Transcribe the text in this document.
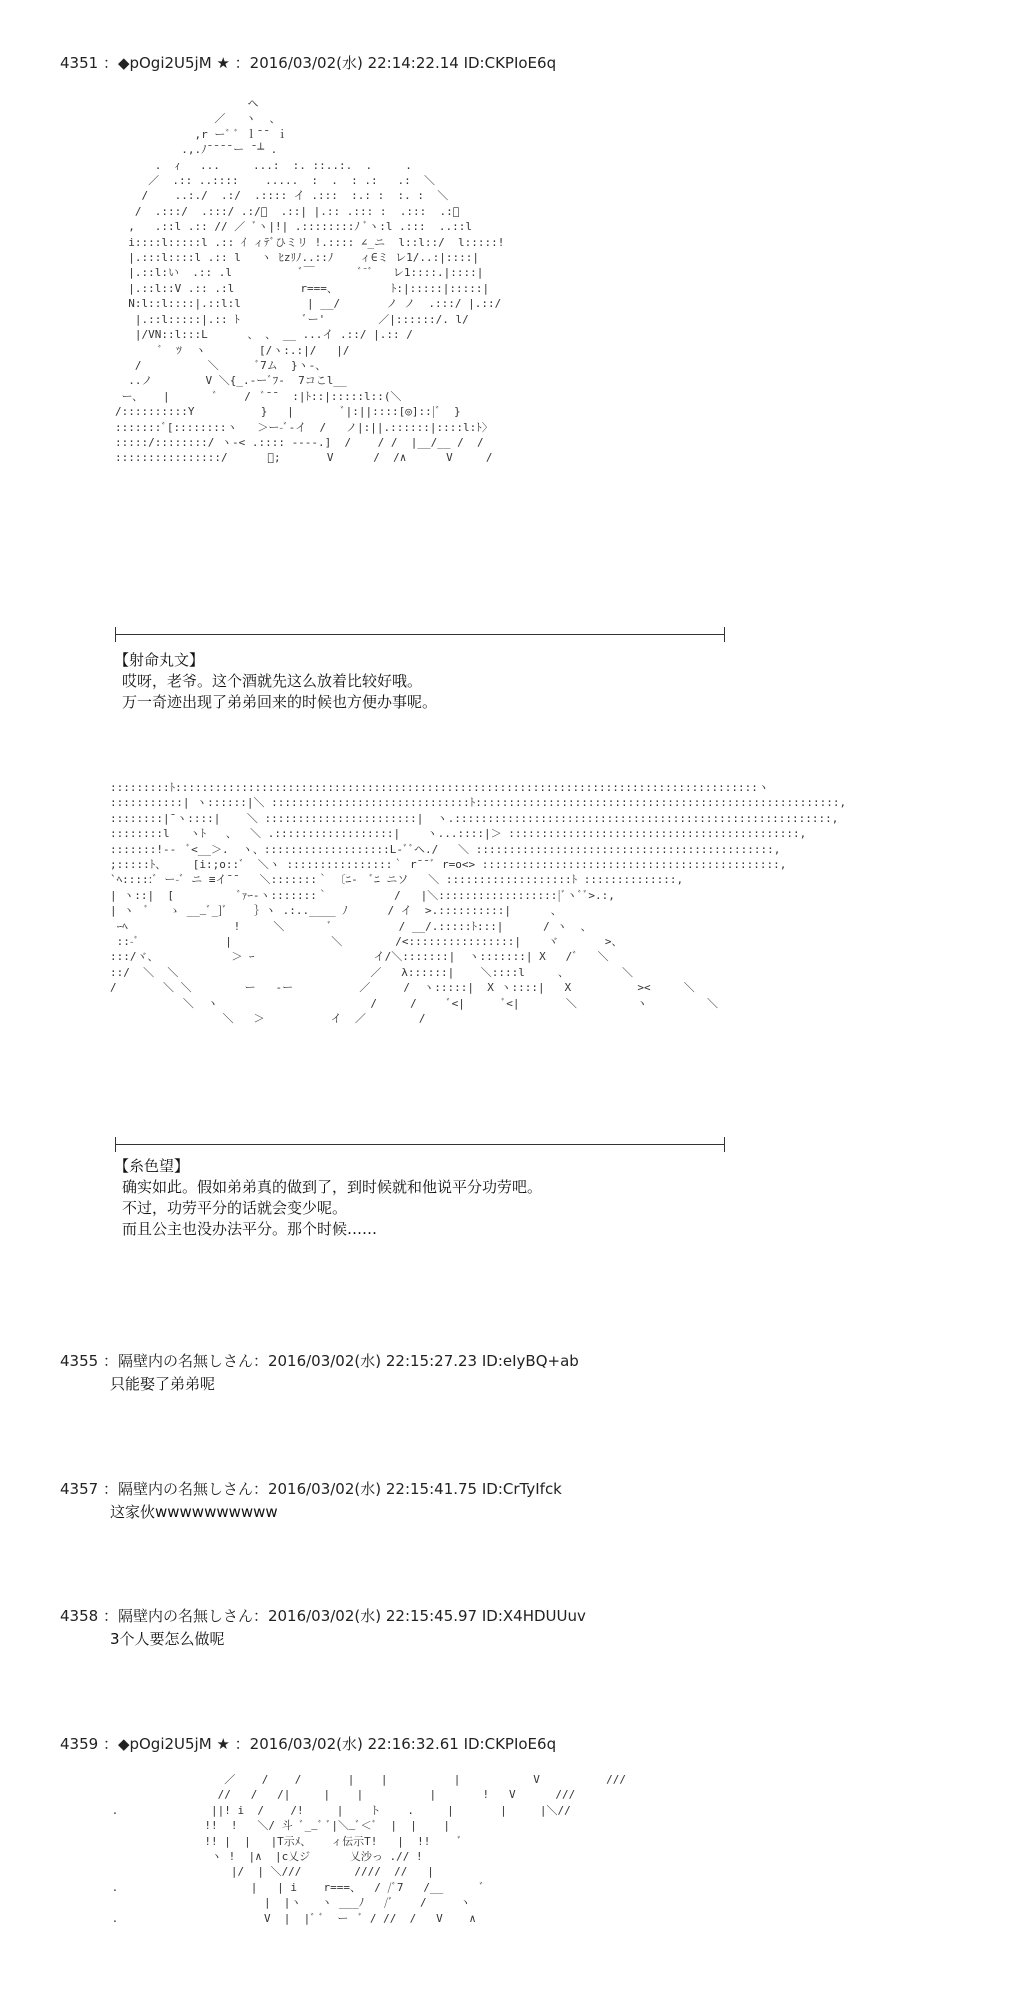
4351 ：◆pOgi2U5jM ★ ：2016/03/02(水) 22:14:22.14 ID:CKPIoE6q
ヘ
／   ヽ  、
,r ーﾞ ﾞ ｌ¯¯ ｉ
.,.ﾉ¯¯¯¯ー ¯┴ .
.  ｨ   ...     ...:  :. ::..:.  .     .
／  .:: ..::::    .....  :  .  : .:   .:  ＼
/    ..:./  .:/  .:::: イ .:::  :.: :  :. :  ＼
/  .:::/  .:::/ .:/ﾞ  .::| |.:: .::: :  .:::  .:＼
,   .::l .:: // ／ ﾞヽ|!| .::::::::ﾉ ﾞヽ:l .:::  ..::l
i::::l:::::l .:: ｲ ィﾃﾞひミリ !.:::: ∠_ニ  l::l::/  l:::::!
|.:::l::::l .:: l   ヽ ﾋzﾘﾉ..::ﾉ    ィ∈ミ レ1/..:|::::|
|.::l:い  .:: .l          ﾞ￣       ﾞ¯ﾞ   レ1::::.|::::|
|.::l::V .:: .:l          r===、        ﾄ:|:::::|:::::|
N:l::l::::|.::l:l          | __/       ノ ノ  .:::/ |.::/
|.::l:::::|.:: ﾄ          ﾞー'        ／|::::::/. l/
|/VN::l:::L      、 、 __ ...イ .::/ |.:: /
ﾞ  ﾂ  ヽ        [/ヽ:.:|/   |/
/          ＼      ﾞ7ム  }ヽ-、
..ノ        V ＼{_.-ーﾞﾌ-  7コこl__
ー、   |       ﾞ    /  ﾞ¯¯  :|ﾄ::|:::::l::(＼
/::::::::::Y          }   |       ﾞ|:||::::[◎]::|ﾞ  }
:::::::ﾞ[::::::::ヽ   ＞ー-ﾞ-イ  /   ノ|:||.::::::|::::l:ﾄ〉
:::::/::::::::/ ヽ-< .:::: ----.]  /    / /  |__/__ /  /
::::::::::::::::/      ﾞ;       V      /  /∧      V     /
【射命丸文】
哎呀，老爷。这个酒就先这么放着比较好哦。
万一奇迹出现了弟弟回来的时候也方便办事呢。
:::::::::ﾄ::::::::::::::::::::::::::::::::::::::::::::::::::::::::::::::::::::::::::::::::::::::::ヽ
:::::::::::| ヽ::::::|＼ ::::::::::::::::::::::::::::::ﾄ:::::::::::::::::::::::::::::::::::::::::::::::::::::::,
::::::::|¯ヽ::::|    ＼ :::::::::::::::::::::::|  ヽ.:::::::::::::::::::::::::::::::::::::::::::::::::::::::::,
::::::::l   ヽﾄ   、  ＼ .::::::::::::::::::|    ヽ...::::|＞ ::::::::::::::::::::::::::::::::::::::::::::,
:::::::!--  ﾞ<__＞.  ヽ、:::::::::::::::::::L-ﾞﾞヘ./   ＼ :::::::::::::::::::::::::::::::::::::::::::::,
;:::::ﾄ、    [i:;o::ﾞ  ＼ヽ ::::::::::::::::｀ r¯¯ﾞ r=o<> :::::::::::::::::::::::::::::::::::::::::::::,
`ﾍ:::::ﾞ ー-ﾞ ニ ≡イ¯¯   ＼:::::::｀ 〔ﾆ-　ﾞﾆ ニソ   ＼ :::::::::::::::::::ﾄ ::::::::::::::,
| ヽ::|  [          ﾞｧｰ-ヽ:::::::｀          /   |＼::::::::::::::::::|ﾞヽﾞﾞ>.:,
| ヽ  ﾞ   ゝ ___ﾞ_]ﾞ    ｝ヽ .:..____ ﾉ      / イ  >.::::::::::|      、
ｰﾍ                !     ＼       ﾞ          / __/.:::::ﾄ:::|      / ヽ  、
::-ﾞ             |               ＼        /<::::::::::::::::|    ヾ       >、
:::/ヾ、           ＞ ｰ                  イ/＼:::::::|  ヽ:::::::| X   /ﾞ   ＼
::/  ＼  ＼                             ／   λ::::::|    ＼::::l     、        ＼
/       ＼ ＼        ー   -ー          ／     /  ヽ:::::|  X ヽ::::|   X          ><     ＼
＼  ヽ                       /     /     ﾞ<|      ﾞ<|       ＼         ヽ         ＼
＼   ＞          イ  ／        /
【糸色望】
确实如此。假如弟弟真的做到了，到时候就和他说平分功劳吧。
不过，功劳平分的话就会变少呢。
而且公主也没办法平分。那个时候……
4355 ：隔壁内の名無しさん：2016/03/02(水) 22:15:27.23 ID:eIyBQ+ab
只能娶了弟弟呢
4357 ：隔壁内の名無しさん：2016/03/02(水) 22:15:41.75 ID:CrTyIfck
这家伙wwwwwwwwww
4358 ：隔壁内の名無しさん：2016/03/02(水) 22:15:45.97 ID:X4HDUUuv
3个人要怎么做呢
4359 ：◆pOgi2U5jM ★ ：2016/03/02(水) 22:16:32.61 ID:CKPIoE6q
／    /    /       |    |          |           V          ///
//   /   /|     |    |          |       !   V      ///
.              ||! i  /    /!     |    ト    .     |       |     |＼//
!!  !   ＼/ 斗 ﾞ__ﾞ ﾞ|＼_ﾞ＜ﾞ  |  |    |
!! |  |   |T示ﾒ、   ィ伝示T!   |  !!    ﾞ
ヽ !  |∧  |c乂ジ      乂沙っ .// !
|/  | ＼///        ////  //   |
.                    |   | i    r===、  / /ﾞ7   /__      ﾞ
|  |ヽ   ヽ ___ﾉ   /ﾞ    /     ヽ
.                      V  |  |ﾞ ﾞ  ー  ﾞ / //  /   V    ∧
